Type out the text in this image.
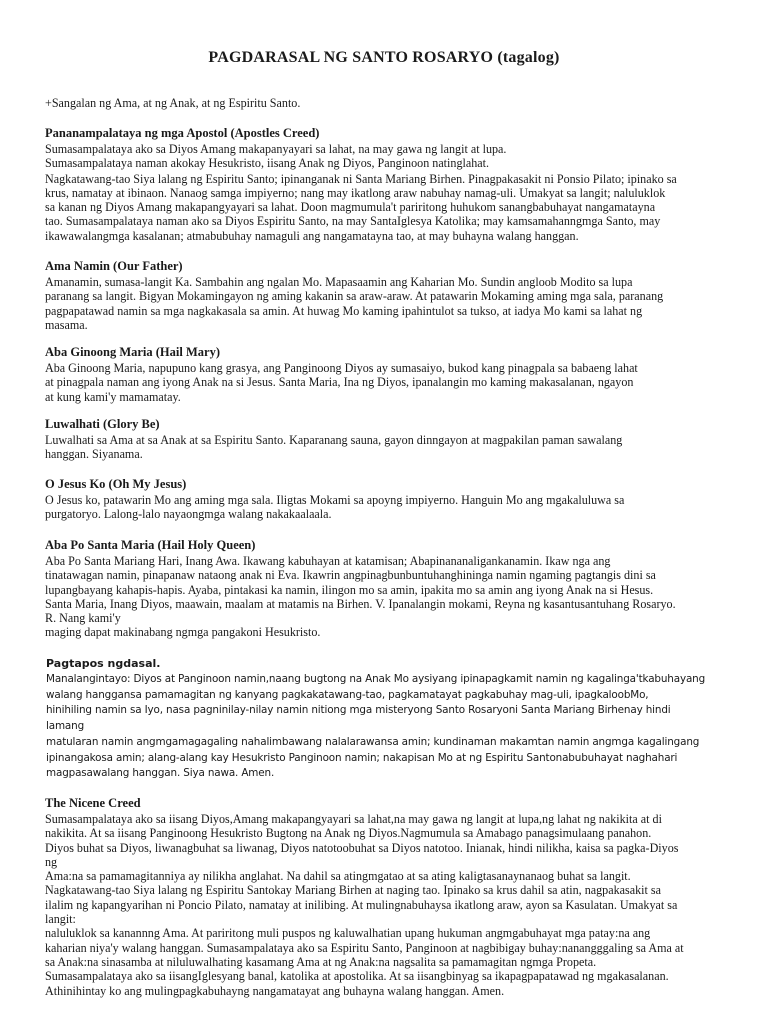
PAGDARASAL NG SANTO ROSARYO (tagalog)

+Sangalan ng Ama, at ng Anak, at ng Espiritu Santo.

Pananampalataya ng mga Apostol (Apostles Creed)

Sumasampalataya ako sa Diyos Amang makapanyayari sa lahat, na may gawa ng langit at lupa.

Sumasampalataya naman akokay Hesukristo, iisang Anak ng Diyos, Panginoon natinglahat.

Nagkatawang-tao Siya lalang ng Espiritu Santo; ipinanganak ni Santa Mariang Birhen. Pinagpakasakit ni Ponsio Pilato; ipinako sa

krus, namatay at ibinaon. Nanaog samga impiyerno; nang may ikatlong araw nabuhay namag-uli. Umakyat sa langit; naluluklok

sa kanan ng Diyos Amang makapangyayari sa lahat. Doon magmumula't pariritong huhukom sanangbabuhayat nangamatayna

tao. Sumasampalataya naman ako sa Diyos Espiritu Santo, na may SantaIglesya Katolika; may kamsamahanngmga Santo, may

ikawawalangmga kasalanan; atmabubuhay namaguli ang nangamatayna tao, at may buhayna walang hanggan.

Ama Namin (Our Father)

Amanamin, sumasa-langit Ka. Sambahin ang ngalan Mo. Mapasaamin ang Kaharian Mo. Sundin angloob Modito sa lupa

paranang sa langit. Bigyan Mokamingayon ng aming kakanin sa araw-araw. At patawarin Mokaming aming mga sala, paranang

pagpapatawad namin sa mga nagkakasala sa amin. At huwag Mo kaming ipahintulot sa tukso, at iadya Mo kami sa lahat ng

masama.

Aba Ginoong Maria (Hail Mary)

Aba Ginoong Maria, napupuno kang grasya, ang Panginoong Diyos ay sumasaiyo, bukod kang pinagpala sa babaeng lahat

at pinagpala naman ang iyong Anak na si Jesus. Santa Maria, Ina ng Diyos, ipanalangin mo kaming makasalanan, ngayon

at kung kami'y mamamatay.

Luwalhati (Glory Be)

Luwalhati sa Ama at sa Anak at sa Espiritu Santo. Kaparanang sauna, gayon dinngayon at magpakilan paman sawalang

hanggan. Siyanama.

O Jesus Ko (Oh My Jesus)

O Jesus ko, patawarin Mo ang aming mga sala. Iligtas Mokami sa apoyng impiyerno. Hanguin Mo ang mgakaluluwa sa

purgatoryo. Lalong-lalo nayaongmga walang nakakaalaala.

Aba Po Santa Maria (Hail Holy Queen)

Aba Po Santa Mariang Hari, Inang Awa. Ikawang kabuhayan at katamisan; Abapinananaligankanamin. Ikaw nga ang

tinatawagan namin, pinapanaw nataong anak ni Eva. Ikawrin angpinagbunbuntuhanghininga namin ngaming pagtangis dini sa

lupangbayang kahapis-hapis. Ayaba, pintakasi ka namin, ilingon mo sa amin, ipakita mo sa amin ang iyong Anak na si Hesus.

Santa Maria, Inang Diyos, maawain, maalam at matamis na Birhen. V. Ipanalangin mokami, Reyna ng kasantusantuhang Rosaryo.

R. Nang kami'y

maging dapat makinabang ngmga pangakoni Hesukristo.

Pagtapos ngdasal.

Manalangintayo: Diyos at Panginoon namin,naang bugtong na Anak Mo aysiyang ipinapagkamit namin ng kagalinga'tkabuhayang

walang hanggansa pamamagitan ng kanyang pagkakatawang-tao, pagkamatayat pagkabuhay mag-uli, ipagkaloobMo,

hinihiling namin sa Iyo, nasa pagninilay-nilay namin nitiong mga misteryong Santo Rosaryoni Santa Mariang Birhenay hindi

lamang

matularan namin angmgamagagaling nahalimbawang nalalarawansa amin; kundinaman makamtan namin angmga kagalingang

ipinangakosa amin; alang-alang kay Hesukristo Panginoon namin; nakapisan Mo at ng Espiritu Santonabubuhayat naghahari

magpasawalang hanggan. Siya nawa. Amen.

The Nicene Creed

Sumasampalataya ako sa iisang Diyos,Amang makapangyayari sa lahat,na may gawa ng langit at lupa,ng lahat ng nakikita at di

nakikita. At sa iisang Panginoong Hesukristo Bugtong na Anak ng Diyos.Nagmumula sa Amabago panagsimulaang panahon.

Diyos buhat sa Diyos, liwanagbuhat sa liwanag, Diyos natotoobuhat sa Diyos natotoo. Inianak, hindi nilikha, kaisa sa pagka-Diyos

ng

Ama:na sa pamamagitanniya ay nilikha anglahat. Na dahil sa atingmgatao at sa ating kaligtasanaynanaog buhat sa langit.

Nagkatawang-tao Siya lalang ng Espiritu Santokay Mariang Birhen at naging tao. Ipinako sa krus dahil sa atin, nagpakasakit sa

ilalim ng kapangyarihan ni Poncio Pilato, namatay at inilibing. At mulingnabuhaysa ikatlong araw, ayon sa Kasulatan. Umakyat sa

langit:

naluluklok sa kanannng Ama. At pariritong muli puspos ng kaluwalhatian upang hukuman angmgabuhayat mga patay:na ang

kaharian niya'y walang hanggan. Sumasampalataya ako sa Espiritu Santo, Panginoon at nagbibigay buhay:nanangggaling sa Ama at

sa Anak:na sinasamba at niluluwalhating kasamang Ama at ng Anak:na nagsalita sa pamamagitan ngmga Propeta.

Sumasampalataya ako sa iisangIglesyang banal, katolika at apostolika. At sa iisangbinyag sa ikapagpapatawad ng mgakasalanan.

Athinihintay ko ang mulingpagkabuhayng nangamatayat ang buhayna walang hanggan. Amen.
